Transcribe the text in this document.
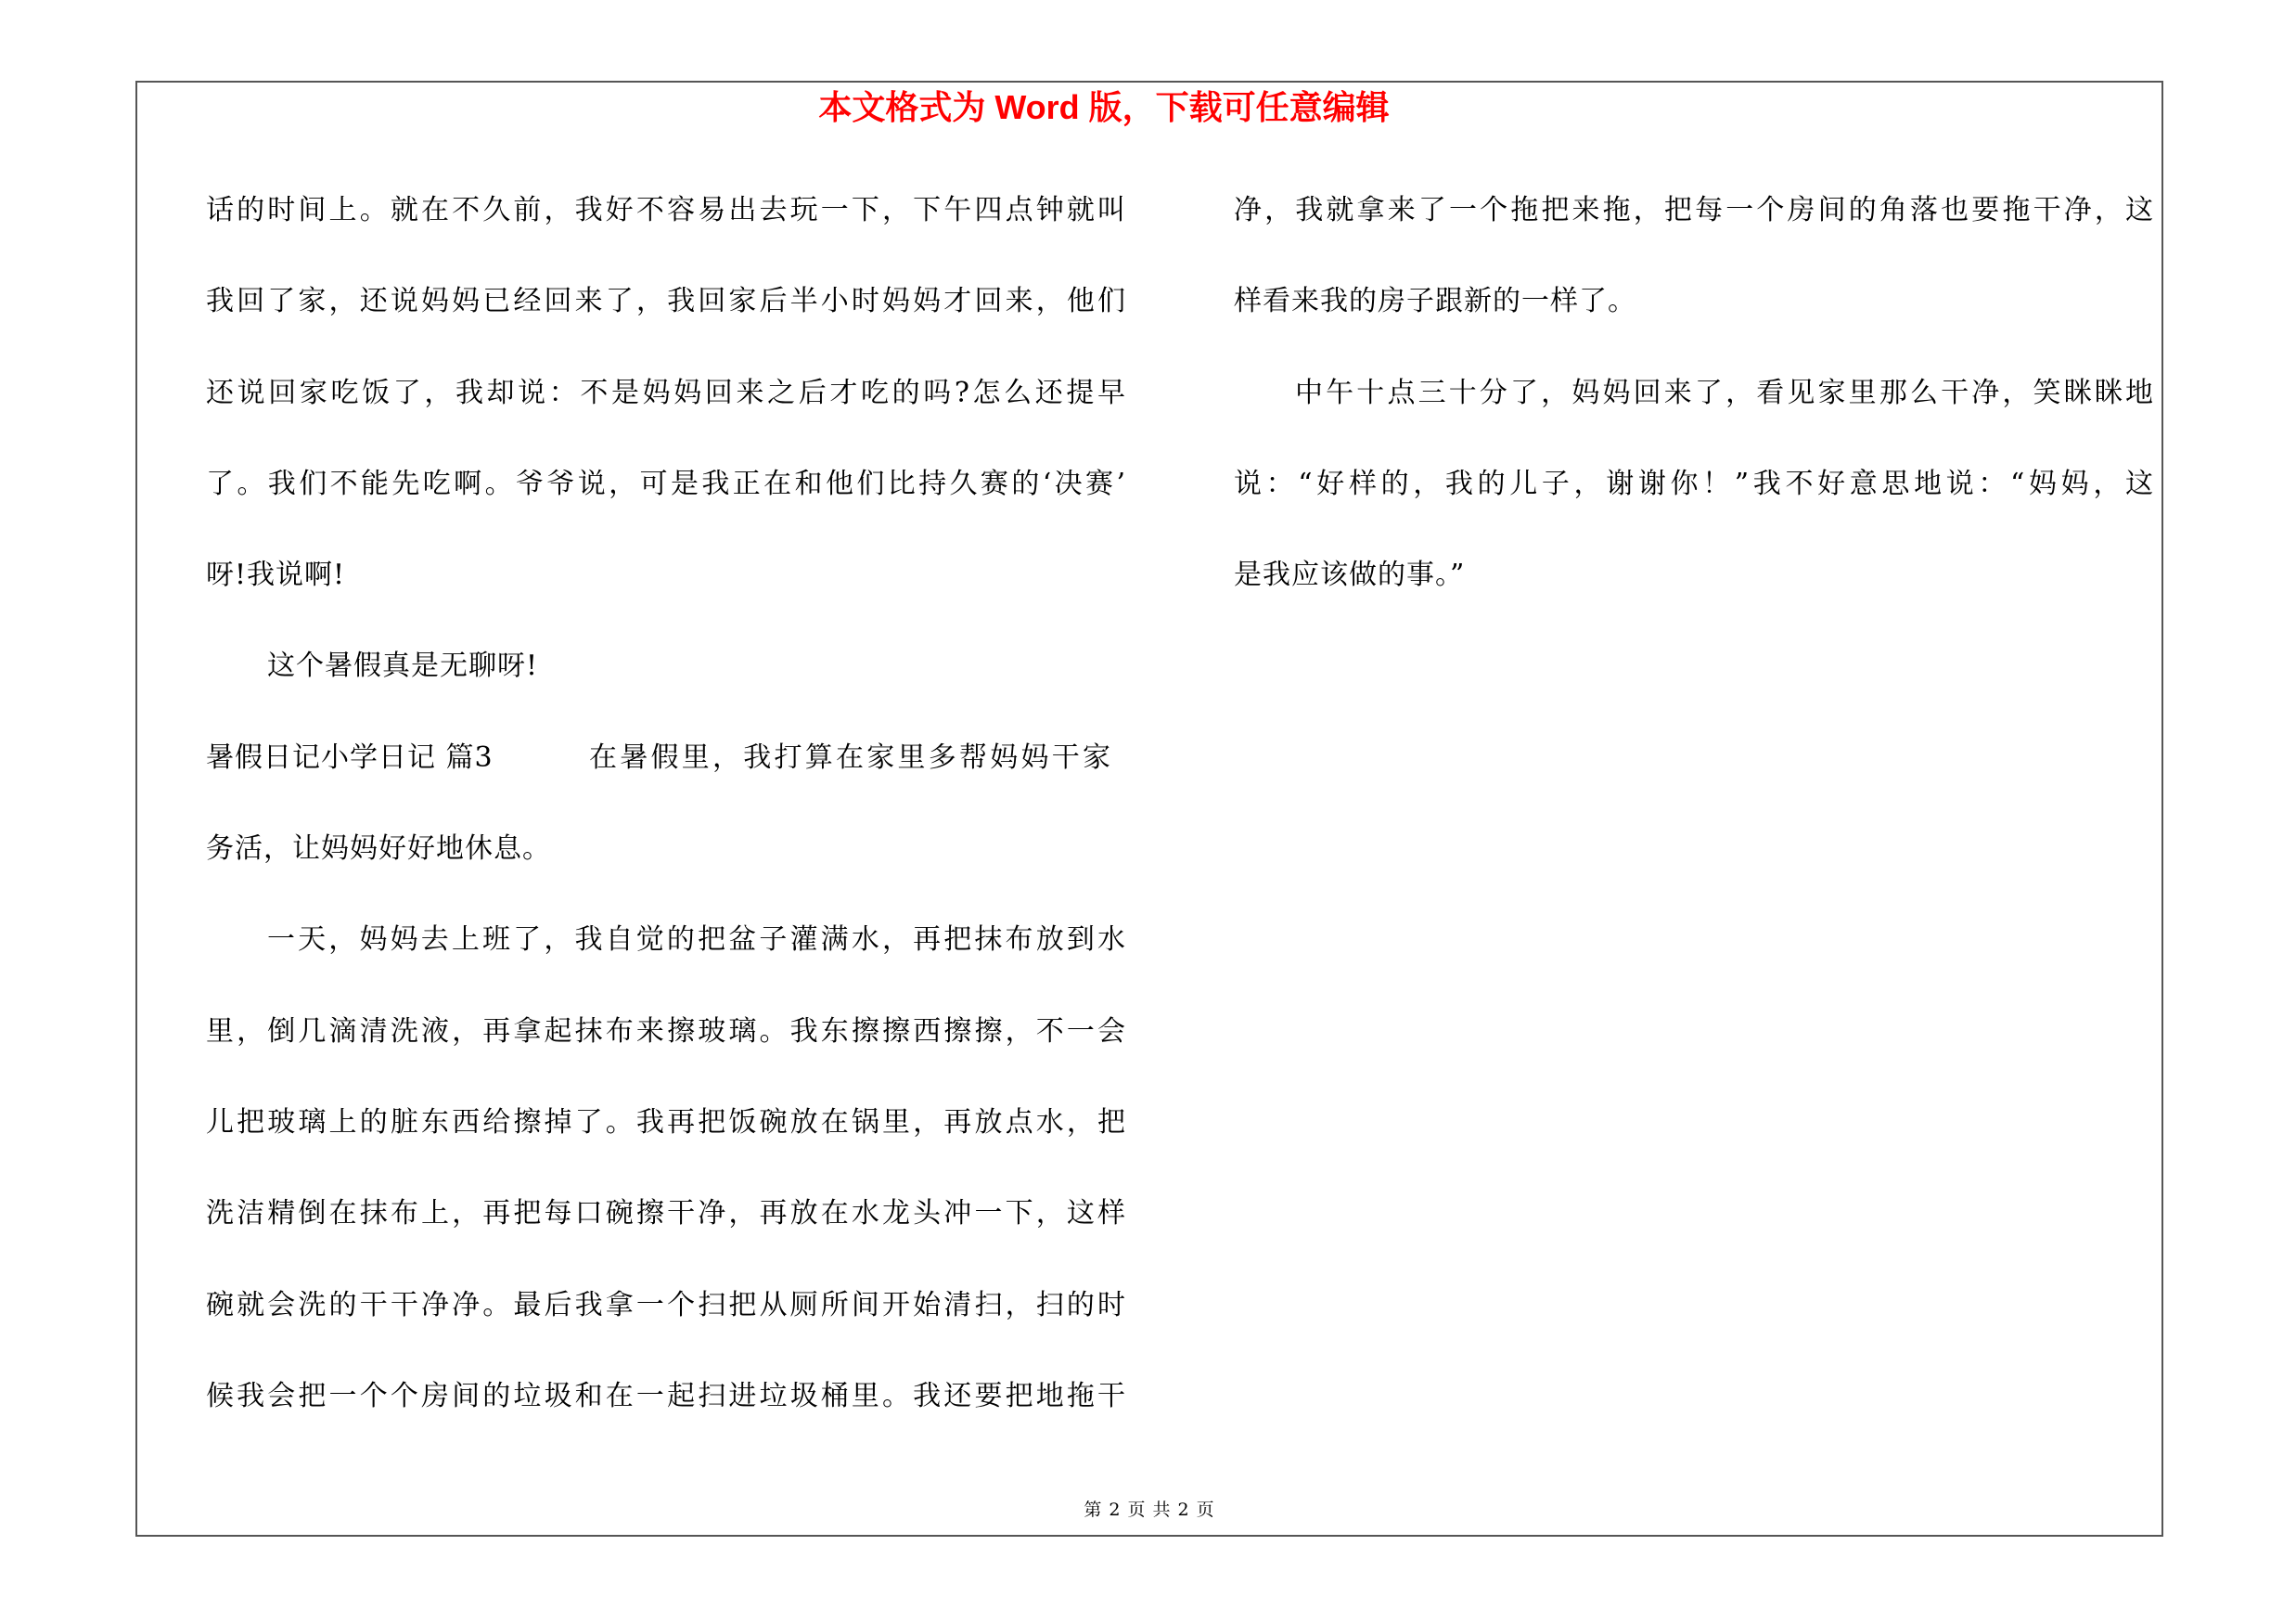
本文格式为 Word 版，下载可任意编辑
话的时间上。就在不久前，我好不容易出去玩一下，下午四点钟就叫
我回了家，还说妈妈已经回来了，我回家后半小时妈妈才回来，他们
还说回家吃饭了，我却说：不是妈妈回来之后才吃的吗?怎么还提早
了。我们不能先吃啊。爷爷说，可是我正在和他们比持久赛的‘决赛’
呀!我说啊!
这个暑假真是无聊呀!
暑假日记小学日记 篇3	在暑假里，我打算在家里多帮妈妈干家
务活，让妈妈好好地休息。
一天，妈妈去上班了，我自觉的把盆子灌满水，再把抹布放到水
里，倒几滴清洗液，再拿起抹布来擦玻璃。我东擦擦西擦擦，不一会
儿把玻璃上的脏东西给擦掉了。我再把饭碗放在锅里，再放点水，把
洗洁精倒在抹布上，再把每口碗擦干净，再放在水龙头冲一下，这样
碗就会洗的干干净净。最后我拿一个扫把从厕所间开始清扫，扫的时
候我会把一个个房间的垃圾和在一起扫进垃圾桶里。我还要把地拖干
净，我就拿来了一个拖把来拖，把每一个房间的角落也要拖干净，这
样看来我的房子跟新的一样了。
中午十点三十分了，妈妈回来了，看见家里那么干净，笑眯眯地
说：“好样的，我的儿子，谢谢你！”我不好意思地说：“妈妈，这
是我应该做的事。”
第 2 页 共 2 页
